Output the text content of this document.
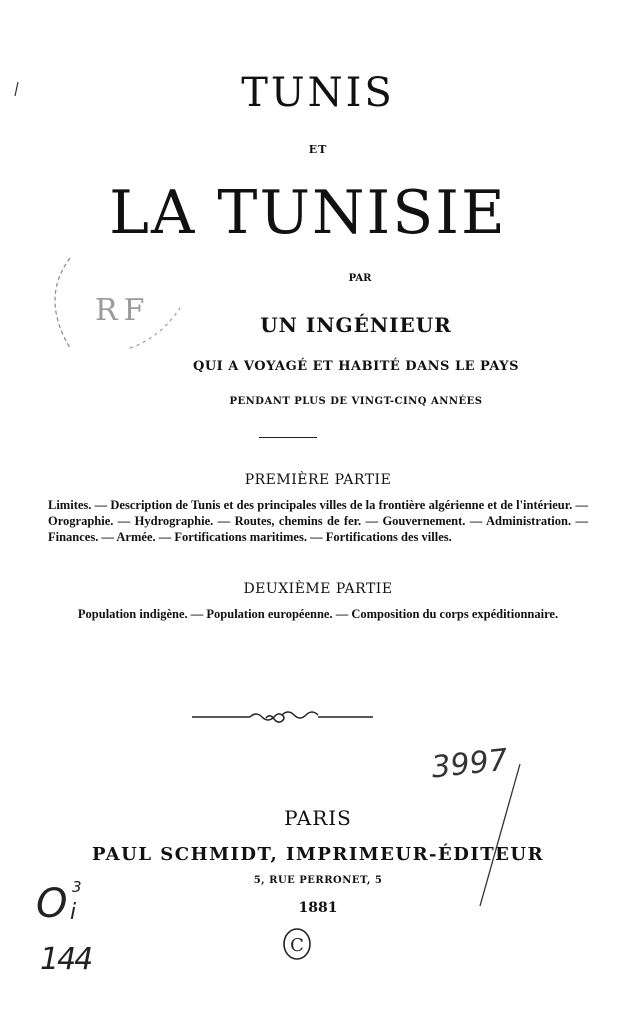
TUNIS
ET
LA TUNISIE
PAR
UN INGÉNIEUR
QUI A VOYAGÉ ET HABITÉ DANS LE PAYS
PENDANT PLUS DE VINGT-CINQ ANNÉES
PREMIÈRE PARTIE
Limites. — Description de Tunis et des principales villes de la frontière algérienne et de l'intérieur. — Orographie. — Hydrographie. — Routes, chemins de fer. — Gouvernement. — Administration. — Finances. — Armée. — Fortifications maritimes. — Fortifications des villes.
DEUXIÈME PARTIE
Population indigène. — Population européenne. — Composition du corps expéditionnaire.
PARIS
PAUL SCHMIDT, IMPRIMEUR-ÉDITEUR
5, RUE PERRONET, 5
1881
C
RF
3997
O 3
i
144
